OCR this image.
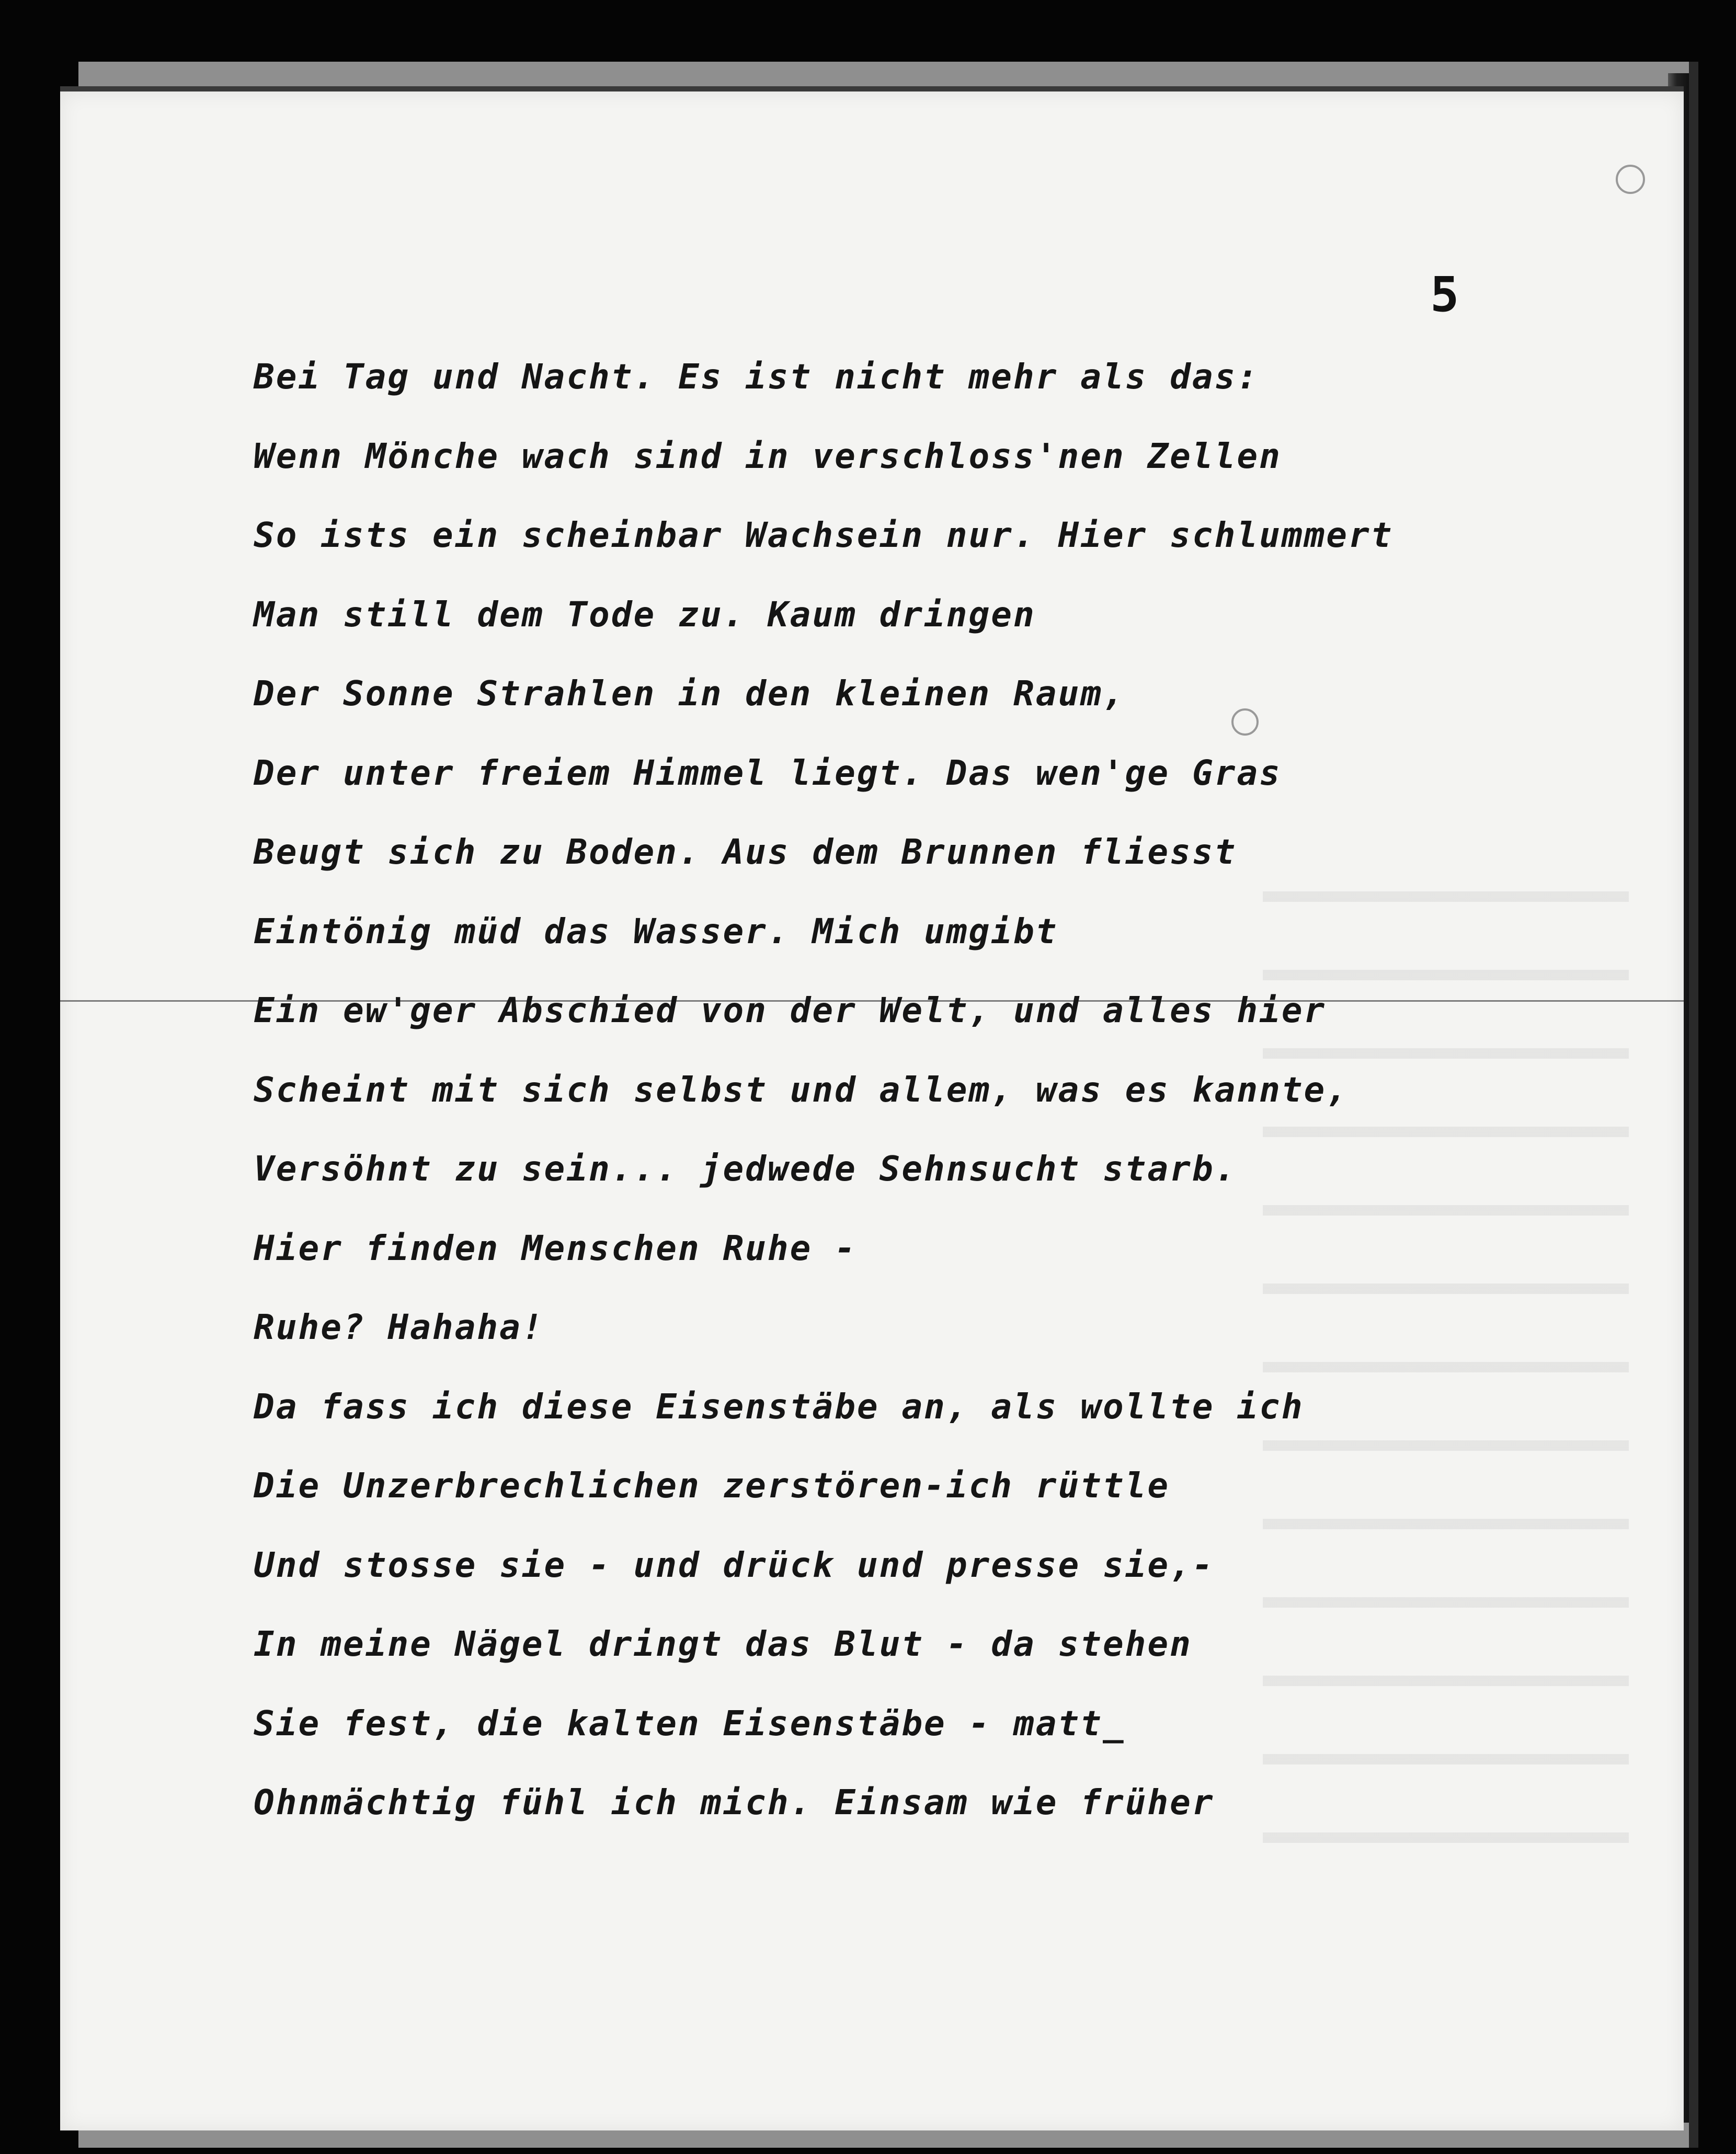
5
Bei Tag und Nacht. Es ist nicht mehr als das:
Wenn Mönche wach sind in verschloss'nen Zellen
So ists ein scheinbar Wachsein nur. Hier schlummert
Man still dem Tode zu. Kaum dringen
Der Sonne Strahlen in den kleinen Raum,
Der unter freiem Himmel liegt. Das wen'ge Gras
Beugt sich zu Boden. Aus dem Brunnen fliesst
Eintönig müd das Wasser. Mich umgibt
Ein ew'ger Abschied von der Welt, und alles hier
Scheint mit sich selbst und allem, was es kannte,
Versöhnt zu sein... jedwede Sehnsucht starb.
Hier finden Menschen Ruhe -
Ruhe? Hahaha!
Da fass ich diese Eisenstäbe an, als wollte ich
Die Unzerbrechlichen zerstören-ich rüttle
Und stosse sie - und drück und presse sie,-
In meine Nägel dringt das Blut - da stehen
Sie fest, die kalten Eisenstäbe - matt_
Ohnmächtig fühl ich mich. Einsam wie früher
